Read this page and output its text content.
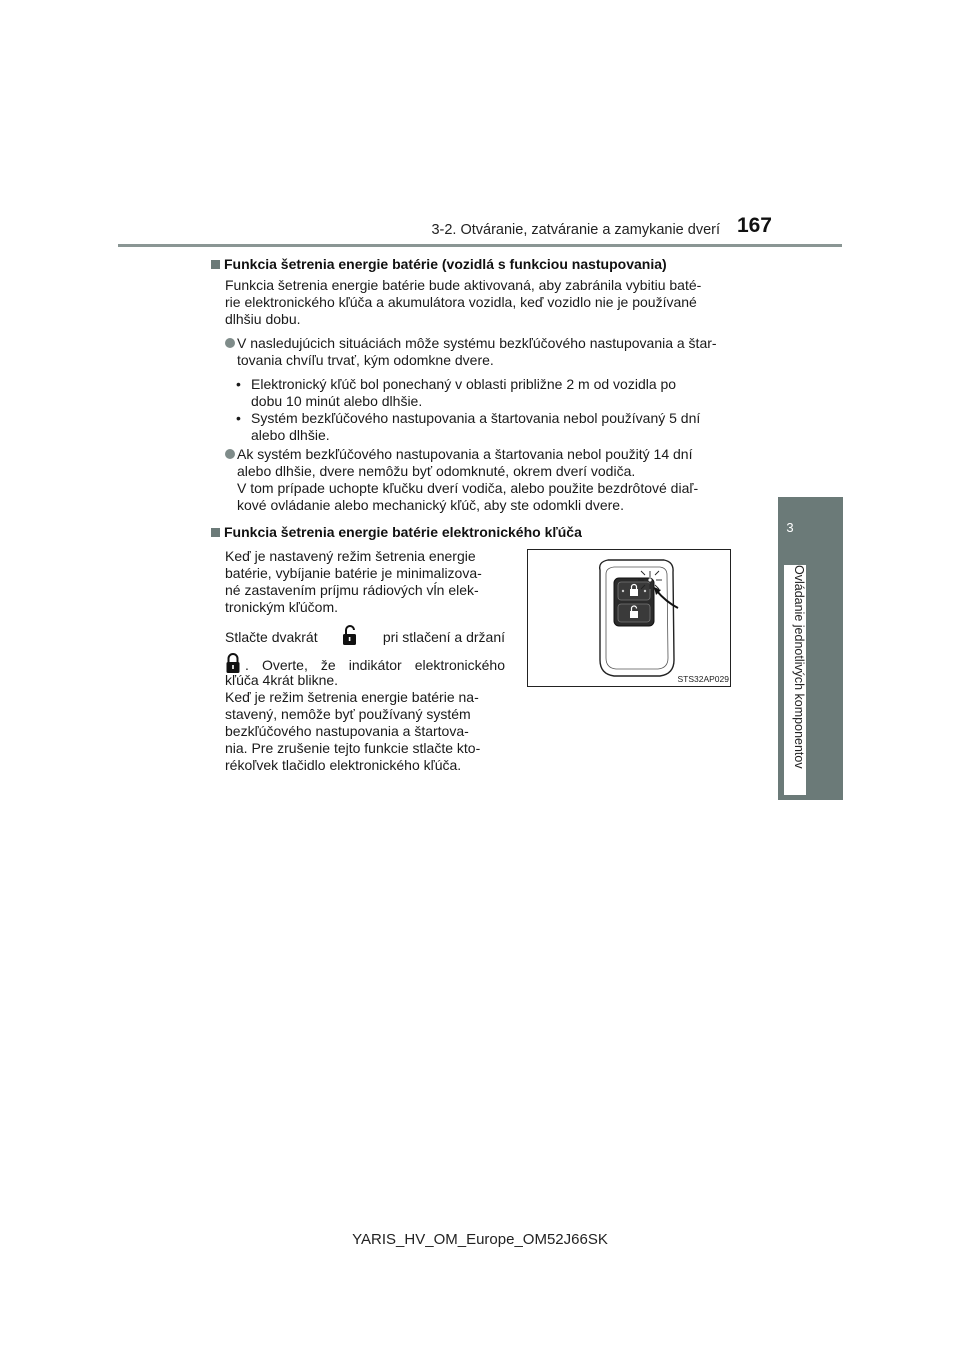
3-2. Otváranie, zatváranie a zamykanie dverí 167
3
Ovládanie jednotlivých komponentov
Funkcia šetrenia energie batérie (vozidlá s funkciou nastupovania)
Funkcia šetrenia energie batérie bude aktivovaná, aby zabránila vybitiu baté-
rie elektronického kľúča a akumulátora vozidla, keď vozidlo nie je používané
dlhšiu dobu.
V nasledujúcich situáciách môže systému bezkľúčového nastupovania a štar-
tovania chvíľu trvať, kým odomkne dvere.
• Elektronický kľúč bol ponechaný v oblasti približne 2 m od vozidla po
dobu 10 minút alebo dlhšie.
• Systém bezkľúčového nastupovania a štartovania nebol používaný 5 dní
alebo dlhšie.
Ak systém bezkľúčového nastupovania a štartovania nebol použitý 14 dní
alebo dlhšie, dvere nemôžu byť odomknuté, okrem dverí vodiča.
V tom prípade uchopte kľučku dverí vodiča, alebo použite bezdrôtové diaľ-
kové ovládanie alebo mechanický kľúč, aby ste odomkli dvere.
Funkcia šetrenia energie batérie elektronického kľúča
Keď je nastavený režim šetrenia energie
batérie, vybíjanie batérie je minimalizova-
né zastavením príjmu rádiových vĺn elek-
tronickým kľúčom.
Stlačte dvakrát	pri stlačení a držaní
. Overte, že indikátor elektronického
kľúča 4krát blikne.
Keď je režim šetrenia energie batérie na-
stavený, nemôže byť používaný systém
bezkľúčového nastupovania a štartova-
nia. Pre zrušenie tejto funkcie stlačte kto-
rékoľvek tlačidlo elektronického kľúča.
STS32AP029
YARIS_HV_OM_Europe_OM52J66SK
